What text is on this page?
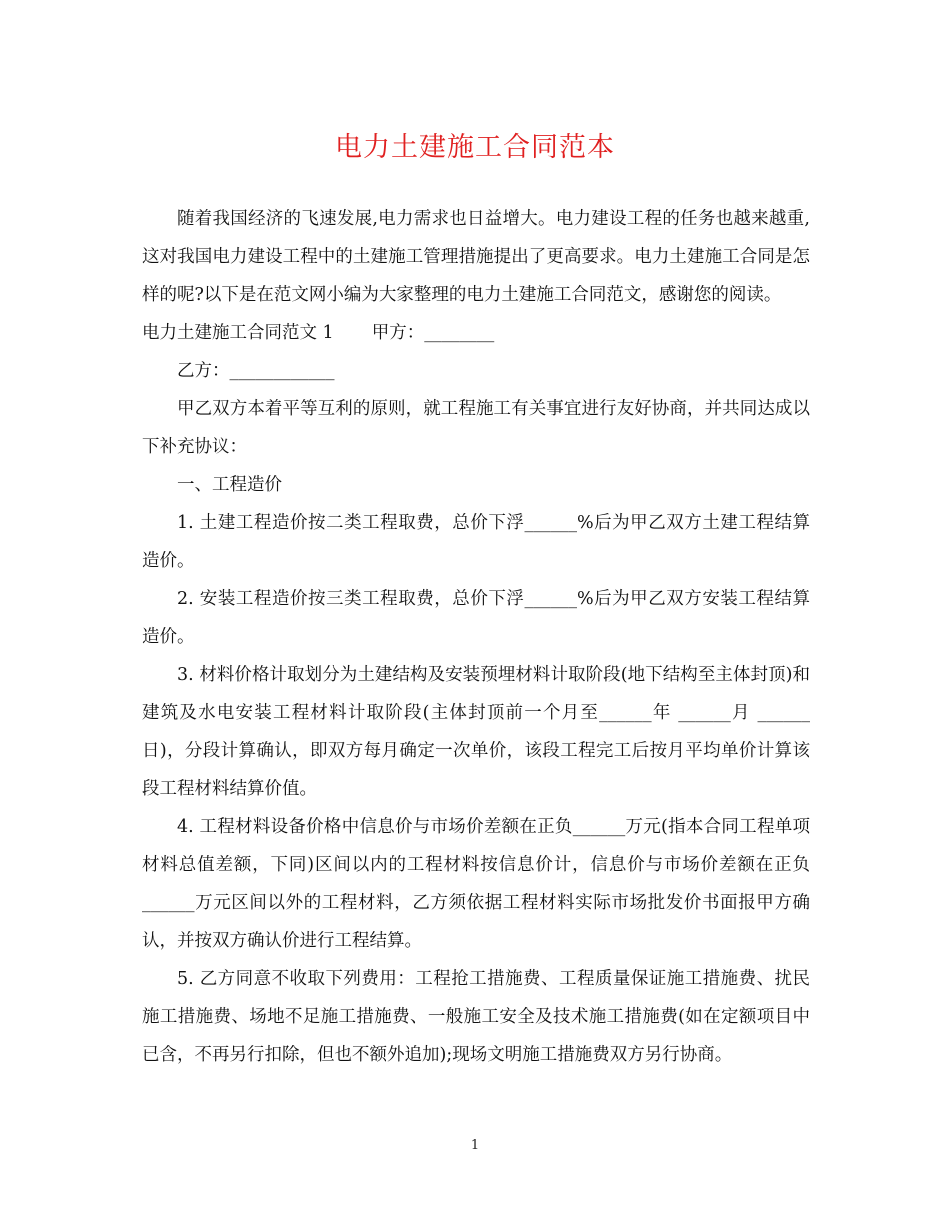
电力土建施工合同范本

随着我国经济的飞速发展,电力需求也日益增大。电力建设工程的任务也越来越重,这对我国电力建设工程中的土建施工管理措施提出了更高要求。电力土建施工合同是怎样的呢?以下是在范文网小编为大家整理的电力土建施工合同范文，感谢您的阅读。

电力土建施工合同范文 1 甲方：________

乙方：____________

甲乙双方本着平等互利的原则，就工程施工有关事宜进行友好协商，并共同达成以下补充协议：

一、工程造价

1. 土建工程造价按二类工程取费，总价下浮______%后为甲乙双方土建工程结算造价。

2. 安装工程造价按三类工程取费，总价下浮______%后为甲乙双方安装工程结算造价。

3. 材料价格计取划分为土建结构及安装预埋材料计取阶段(地下结构至主体封顶)和建筑及水电安装工程材料计取阶段(主体封顶前一个月至______年 ______月 ______日)，分段计算确认，即双方每月确定一次单价，该段工程完工后按月平均单价计算该段工程材料结算价值。

4. 工程材料设备价格中信息价与市场价差额在正负______万元(指本合同工程单项材料总值差额，下同)区间以内的工程材料按信息价计，信息价与市场价差额在正负 ______万元区间以外的工程材料，乙方须依据工程材料实际市场批发价书面报甲方确认，并按双方确认价进行工程结算。

5. 乙方同意不收取下列费用：工程抢工措施费、工程质量保证施工措施费、扰民施工措施费、场地不足施工措施费、一般施工安全及技术施工措施费(如在定额项目中已含，不再另行扣除，但也不额外追加);现场文明施工措施费双方另行协商。

1
